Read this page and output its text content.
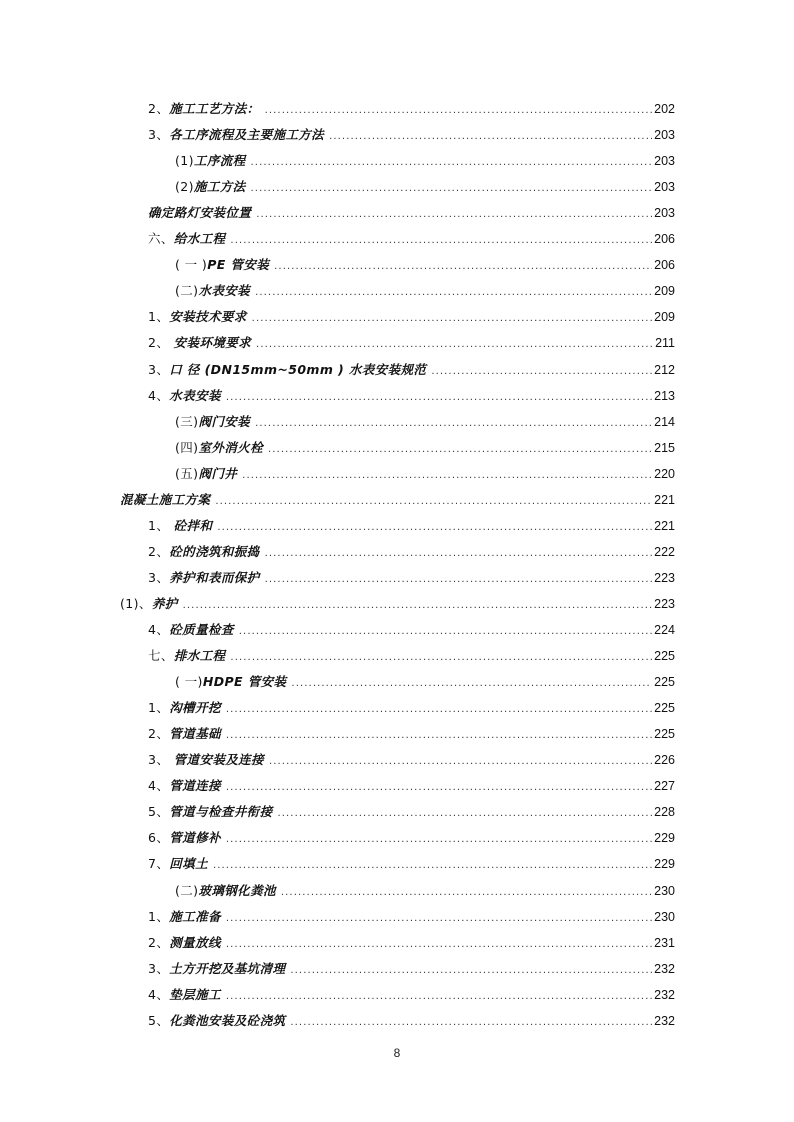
2、施工工艺方法： .....	202
3、各工序流程及主要施工方法 .....	203
(1)工序流程 .....	203
(2)施工方法 .....	203
确定路灯安装位置 .....	203
六、给水工程 .....	206
( 一 )PE 管安装 .....	206
(二)水表安装 .....	209
1、安装技术要求 .....	209
2、 安装环境要求 .....	211
3、口 径 (DN15mm~50mm ) 水表安装规范 .....	212
4、水表安装 .....	213
(三)阀门安装 .....	214
(四)室外消火栓 .....	215
(五)阀门井 .....	220
混凝土施工方案 .....	221
1、 砼拌和 .....	221
2、砼的浇筑和振捣 .....	222
3、养护和表而保护 .....	223
(1)、养护 .....	223
4、砼质量检查 .....	224
七、排水工程 .....	225
( 一)HDPE 管安装 .....	225
1、沟槽开挖 .....	225
2、管道基础 .....	225
3、 管道安装及连接 .....	226
4、管道连接 .....	227
5、管道与检查井衔接 .....	228
6、管道修补 .....	229
7、回填土 .....	229
(二)玻璃钢化粪池 .....	230
1、施工准备 .....	230
2、测量放线 .....	231
3、土方开挖及基坑清理 .....	232
4、垫层施工 .....	232
5、化粪池安装及砼浇筑 .....	232
8
